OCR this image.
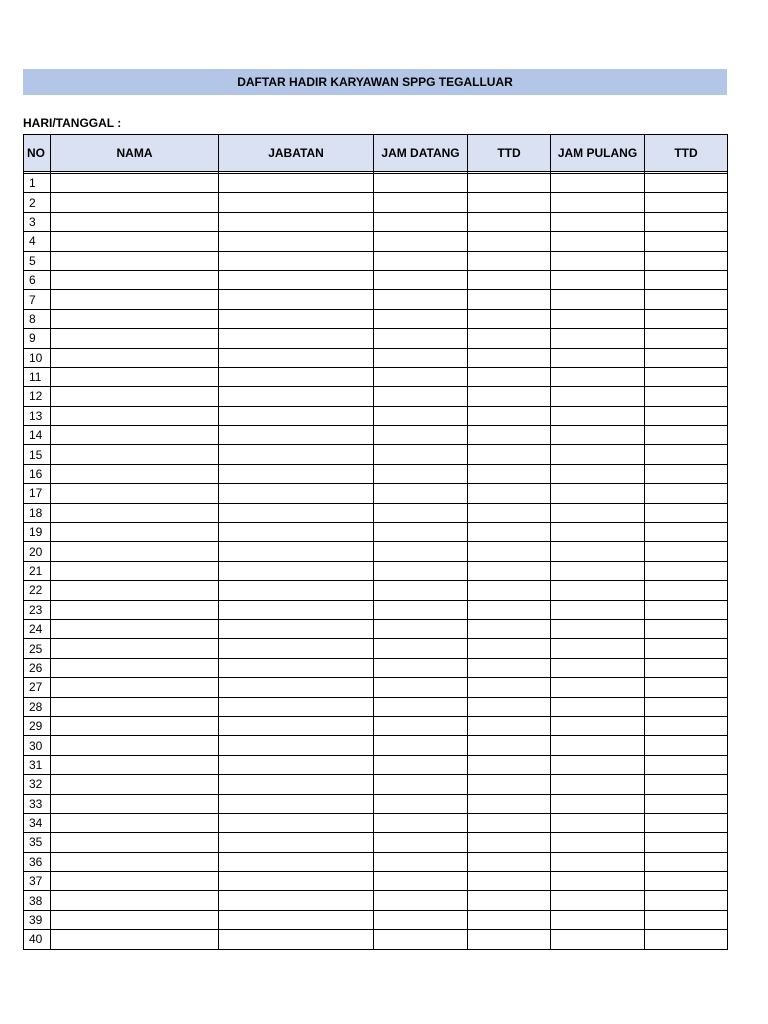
DAFTAR HADIR KARYAWAN SPPG TEGALLUAR
HARI/TANGGAL :
NO	NAMA	JABATAN	JAM DATANG	TTD	JAM PULANG	TTD

1						
2						
3						
4						
5						
6						
7						
8						
9						
10						
11						
12						
13						
14						
15						
16						
17						
18						
19						
20						
21						
22						
23						
24						
25						
26						
27						
28						
29						
30						
31						
32						
33						
34						
35						
36						
37						
38						
39						
40						
